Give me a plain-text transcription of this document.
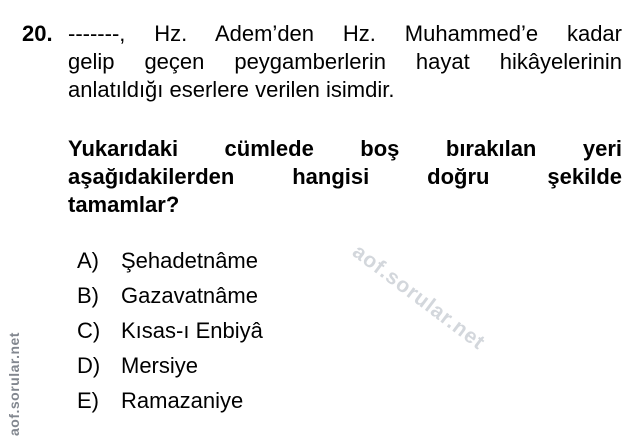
aof.sorular.net
aof.sorular.net
20. -------, Hz. Adem’den Hz. Muhammed’e kadar
gelip geçen peygamberlerin hayat hikâyelerinin
anlatıldığı eserlere verilen isimdir.
Yukarıdaki cümlede boş bırakılan yeri
aşağıdakilerden hangisi doğru şekilde
tamamlar?
A)	Şehadetnâme
B)	Gazavatnâme
C) Kısas-ı Enbiyâ
D) Mersiye
E)	Ramazaniye
